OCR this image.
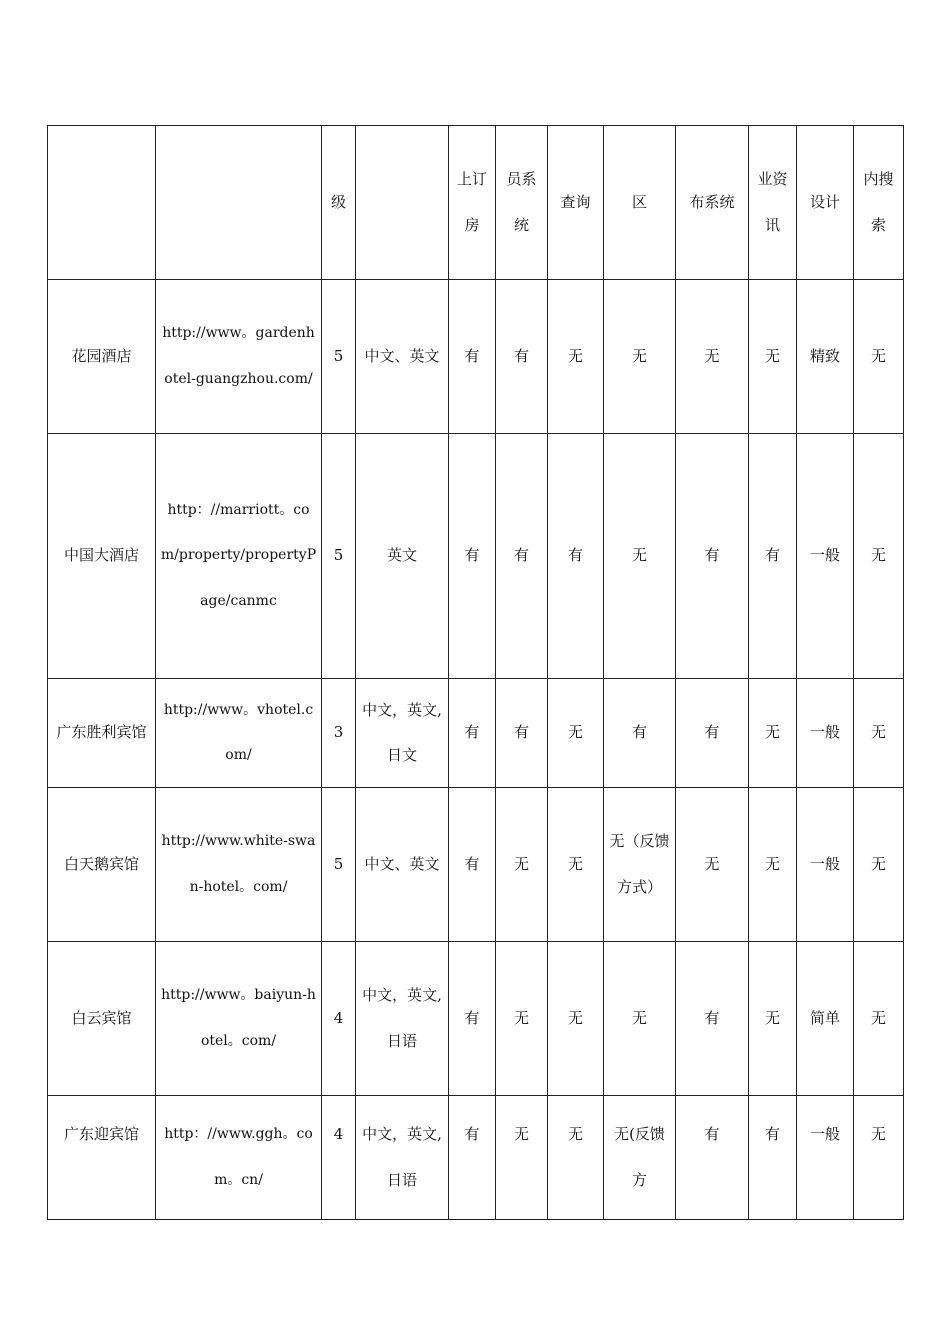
		级		上订房	员系统	查询	区	布系统	业资讯	设计	内搜索
花园酒店	http://www。gardenhotel-guangzhou.com/	5	中文、英文	有	有	无	无	无	无	精致	无
中国大酒店	http：//marriott。com/property/propertyPage/canmc	5	英文	有	有	有	无	有	有	一般	无
广东胜利宾馆	http://www。vhotel.com/	3	中文，英文,日文	有	有	无	有	有	无	一般	无
白天鹅宾馆	http://www.white-swan-hotel。com/	5	中文、英文	有	无	无	无（反馈方式）	无	无	一般	无
白云宾馆	http://www。baiyun-hotel。com/	4	中文，英文,日语	有	无	无	无	有	无	简单	无
广东迎宾馆	http：//www.ggh。com。cn/	4	中文，英文,日语	有	无	无	无(反馈方	有	有	一般	无
